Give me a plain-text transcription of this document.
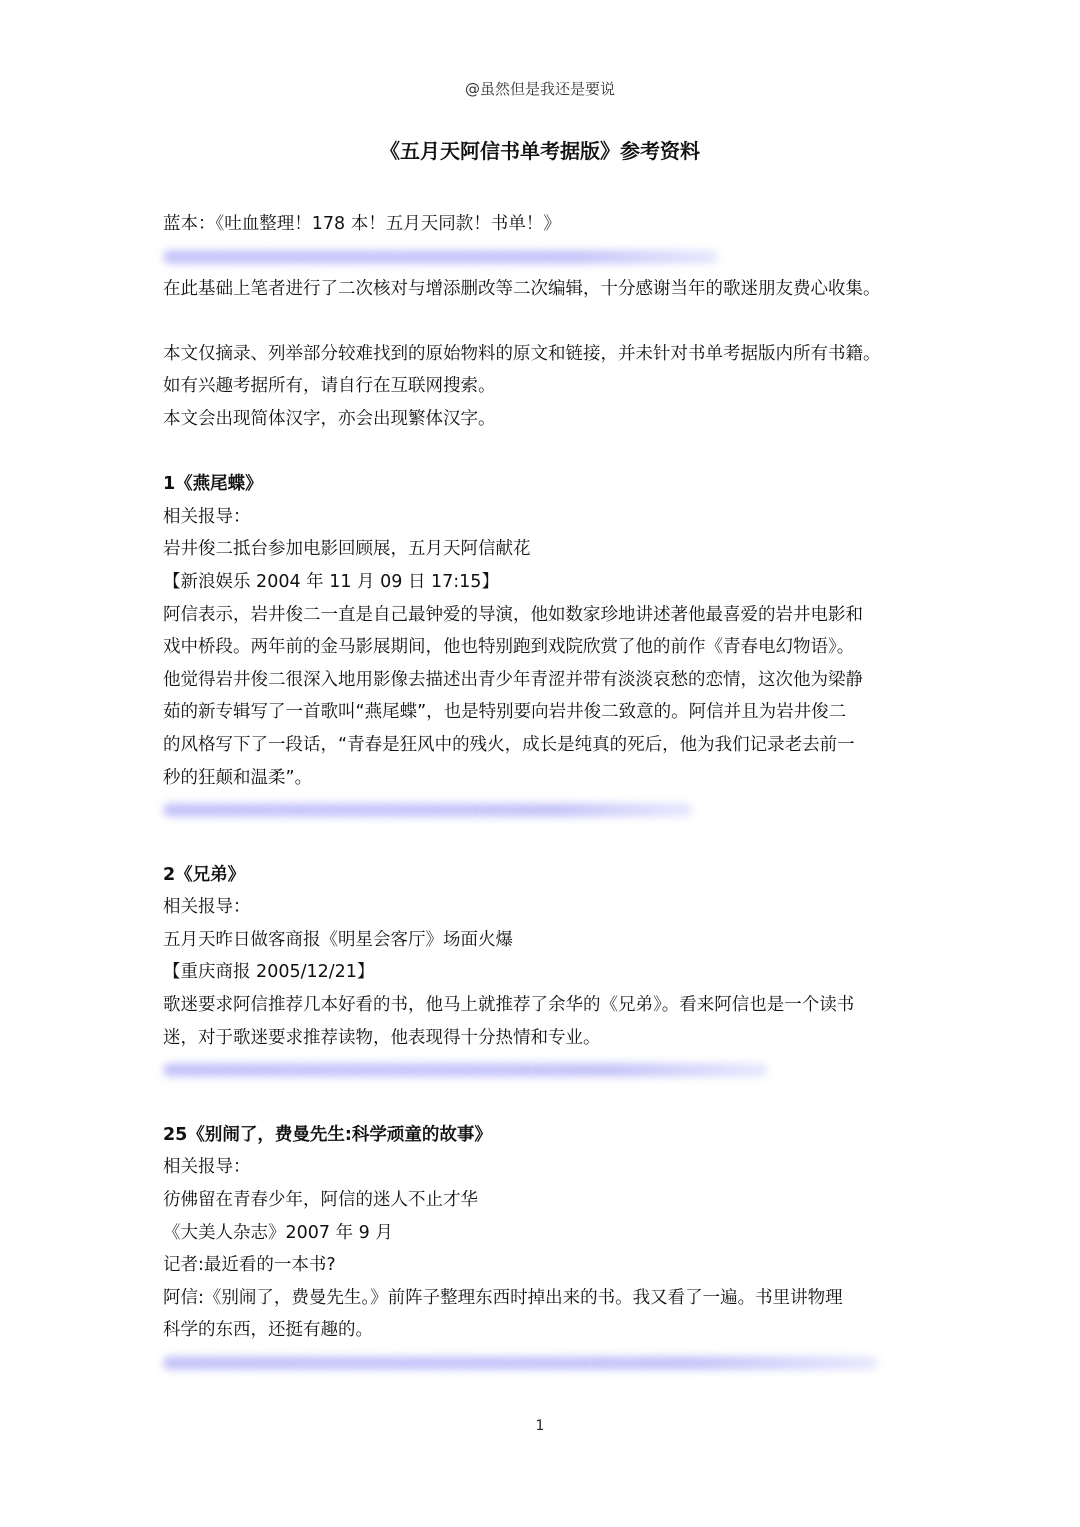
@虽然但是我还是要说
《五月天阿信书单考据版》参考资料

蓝本：《吐血整理！178 本！五月天同款！书单！》

在此基础上笔者进行了二次核对与增添删改等二次编辑，十分感谢当年的歌迷朋友费心收集。

本文仅摘录、列举部分较难找到的原始物料的原文和链接，并未针对书单考据版内所有书籍。

如有兴趣考据所有，请自行在互联网搜索。

本文会出现简体汉字，亦会出现繁体汉字。

1《燕尾蝶》

相关报导：

岩井俊二抵台参加电影回顾展，五月天阿信献花

【新浪娱乐 2004 年 11 月 09 日 17:15】

阿信表示，岩井俊二一直是自己最钟爱的导演，他如数家珍地讲述著他最喜爱的岩井电影和

戏中桥段。两年前的金马影展期间，他也特别跑到戏院欣赏了他的前作《青春电幻物语》。

他觉得岩井俊二很深入地用影像去描述出青少年青涩并带有淡淡哀愁的恋情，这次他为梁静

茹的新专辑写了一首歌叫“燕尾蝶”，也是特别要向岩井俊二致意的。阿信并且为岩井俊二

的风格写下了一段话，“青春是狂风中的残火，成长是纯真的死后，他为我们记录老去前一

秒的狂颠和温柔”。

2《兄弟》

相关报导：

五月天昨日做客商报《明星会客厅》场面火爆

【重庆商报 2005/12/21】

歌迷要求阿信推荐几本好看的书，他马上就推荐了余华的《兄弟》。看来阿信也是一个读书

迷，对于歌迷要求推荐读物，他表现得十分热情和专业。

25《别闹了，费曼先生:科学顽童的故事》

相关报导：

彷佛留在青春少年，阿信的迷人不止才华

《大美人杂志》2007 年 9 月

记者:最近看的一本书?

阿信:《别闹了，费曼先生。》前阵子整理东西时掉出来的书。我又看了一遍。书里讲物理

科学的东西，还挺有趣的。

1
